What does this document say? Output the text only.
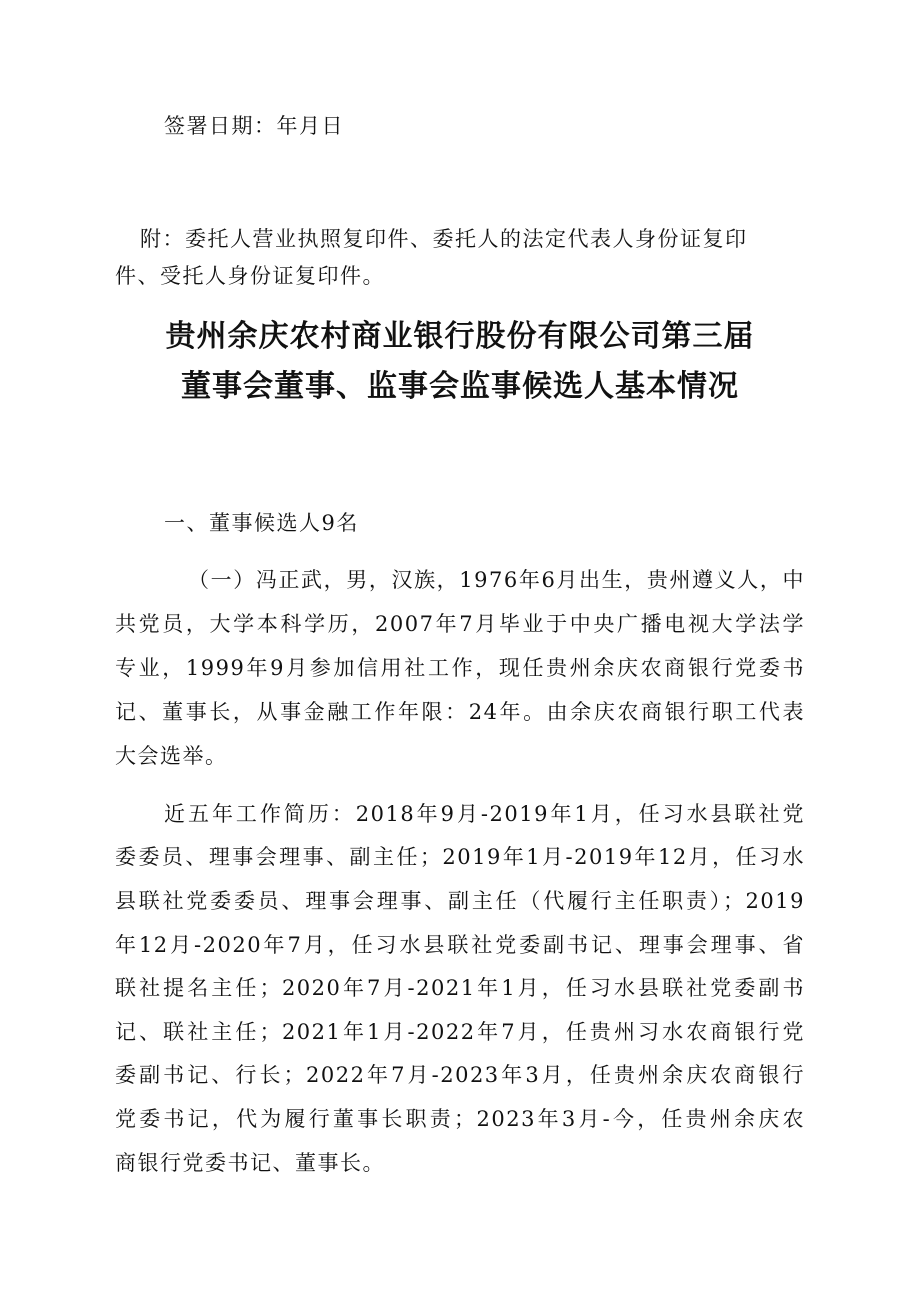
签署日期：年月日
附：委托人营业执照复印件、委托人的法定代表人身份证复印
件、受托人身份证复印件。
贵州余庆农村商业银行股份有限公司第三届
董事会董事、监事会监事候选人基本情况
一、董事候选人9名
（一）冯正武，男，汉族，1976年6月出生，贵州遵义人，中
共党员，大学本科学历，2007年7月毕业于中央广播电视大学法学
专业，1999年9月参加信用社工作，现任贵州余庆农商银行党委书
记、董事长，从事金融工作年限：24年。由余庆农商银行职工代表
大会选举。
近五年工作简历：2018年9月-2019年1月，任习水县联社党
委委员、理事会理事、副主任；2019年1月-2019年12月，任习水
县联社党委委员、理事会理事、副主任（代履行主任职责）；2019
年12月-2020年7月，任习水县联社党委副书记、理事会理事、省
联社提名主任；2020年7月-2021年1月，任习水县联社党委副书
记、联社主任；2021年1月-2022年7月，任贵州习水农商银行党
委副书记、行长；2022年7月-2023年3月，任贵州余庆农商银行
党委书记，代为履行董事长职责；2023年3月-今，任贵州余庆农
商银行党委书记、董事长。
